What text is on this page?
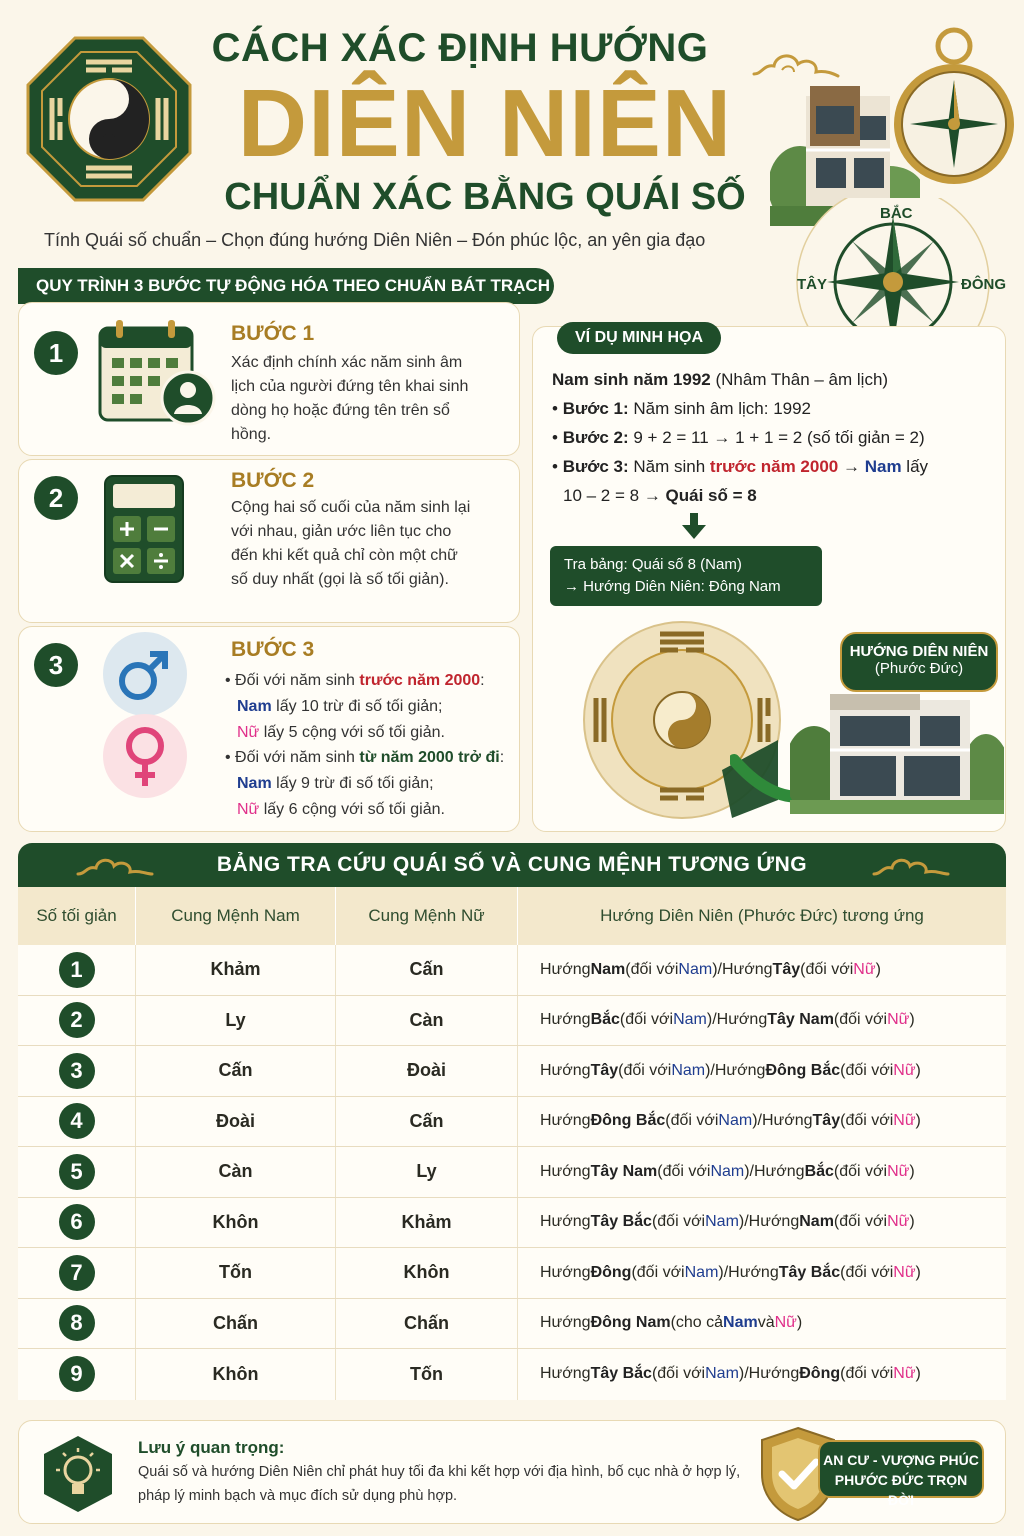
CÁCH XÁC ĐỊNH HƯỚNG
DIÊN NIÊN
CHUẨN XÁC BẰNG QUÁI SỐ
Tính Quái số chuẩn – Chọn đúng hướng Diên Niên – Đón phúc lộc, an yên gia đạo
BẮC
TÂY	ĐÔNG
QUY TRÌNH 3 BƯỚC TỰ ĐỘNG HÓA THEO CHUẨN BÁT TRẠCH
1
BƯỚC 1
Xác định chính xác năm sinh âm lịch của người đứng tên khai sinh dòng họ hoặc đứng tên trên sổ hồng.
2
BƯỚC 2
Cộng hai số cuối của năm sinh lại với nhau, giản ước liên tục cho đến khi kết quả chỉ còn một chữ số duy nhất (gọi là số tối giản).
3	BƯỚC 3
• Đối với năm sinh trước năm 2000:
Nam lấy 10 trừ đi số tối giản;
Nữ lấy 5 cộng với số tối giản.
• Đối với năm sinh từ năm 2000 trở đi:
Nam lấy 9 trừ đi số tối giản;
Nữ lấy 6 cộng với số tối giản.
VÍ DỤ MINH HỌA
Nam sinh năm 1992 (Nhâm Thân – âm lịch)
• Bước 1: Năm sinh âm lịch: 1992
• Bước 2: 9 + 2 = 11 → 1 + 1 = 2 (số tối giản = 2)
• Bước 3: Năm sinh trước năm 2000 → Nam lấy
10 – 2 = 8 → Quái số = 8
Tra bảng: Quái số 8 (Nam)
→ Hướng Diên Niên: Đông Nam
HƯỚNG DIÊN NIÊN
(Phước Đức)
BẢNG TRA CỨU QUÁI SỐ VÀ CUNG MỆNH TƯƠNG ỨNG
Số tối giản	Cung Mệnh Nam	Cung Mệnh Nữ	Hướng Diên Niên (Phước Đức) tương ứng
1	Khảm	Cấn	Hướng Nam (đối với Nam ) / Hướng Tây (đối với Nữ )
2	Ly	Càn	Hướng Bắc (đối với Nam ) / Hướng Tây Nam (đối với Nữ )
3	Cấn	Đoài	Hướng Tây (đối với Nam ) / Hướng Đông Bắc (đối với Nữ )
4	Đoài	Cấn	Hướng Đông Bắc (đối với Nam ) / Hướng Tây (đối với Nữ )
5	Càn	Ly	Hướng Tây Nam (đối với Nam ) / Hướng Bắc (đối với Nữ )
6	Khôn	Khảm	Hướng Tây Bắc (đối với Nam ) / Hướng Nam (đối với Nữ )
7	Tốn	Khôn	Hướng Đông (đối với Nam ) / Hướng Tây Bắc (đối với Nữ )
8	Chấn	Chấn	Hướng Đông Nam (cho cả Nam và Nữ )
9	Khôn	Tốn	Hướng Tây Bắc (đối với Nam ) / Hướng Đông (đối với Nữ )
Lưu ý quan trọng:
Quái số và hướng Diên Niên chỉ phát huy tối đa khi kết hợp với địa hình, bố cục nhà ở hợp lý,
pháp lý minh bạch và mục đích sử dụng phù hợp.
AN CƯ - VƯỢNG PHÚC
PHƯỚC ĐỨC TRỌN ĐỜI
